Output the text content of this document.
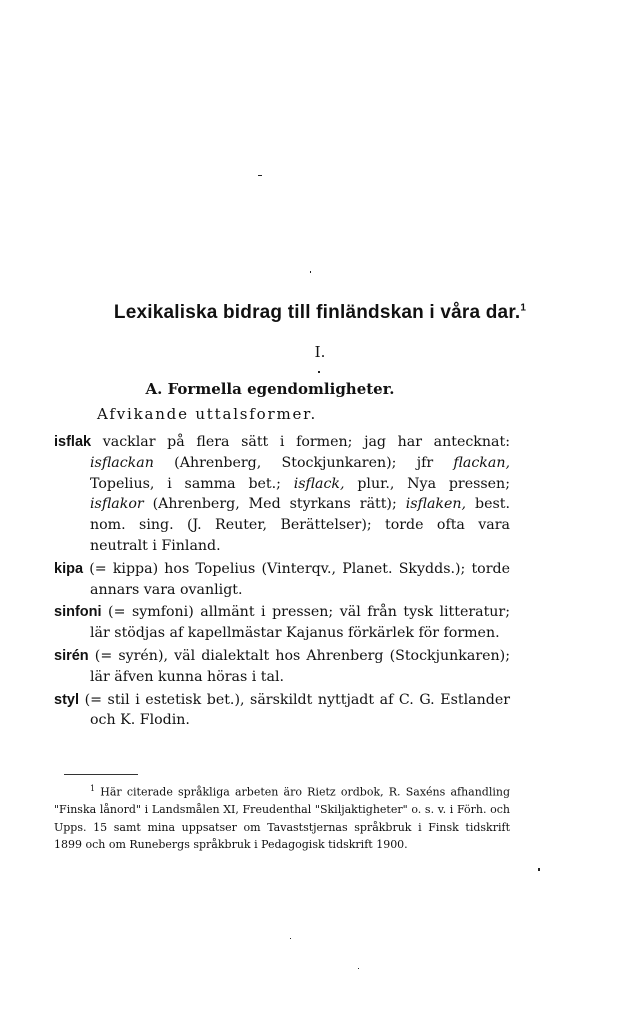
Lexikaliska bidrag till finländskan i våra dar.$^1$
I.
A. Formella egendomligheter.
Afvikande uttalsformer.
isflak vacklar på flera sätt i formen; jag har antecknat: isflackan (Ahrenberg, Stockjunkaren); jfr flackan, Topelius, i samma bet.; isflack, plur., Nya pressen; isflakor (Ahrenberg, Med styrkans rätt); isflaken, best. nom. sing. (J. Reuter, Berättelser); torde ofta vara neutralt i Finland.
kipa (= kippa) hos Topelius (Vinterqv., Planet. Skydds.); torde annars vara ovanligt.
sinfoni (= symfoni) allmänt i pressen; väl från tysk litteratur; lär stödjas af kapellmästar Kajanus förkärlek för formen.
sirén (= syrén), väl dialektalt hos Ahrenberg (Stockjunkaren); lär äfven kunna höras i tal.
styl (= stil i estetisk bet.), särskildt nyttjadt af C. G. Estlander och K. Flodin.
$^1$ Här citerade språkliga arbeten äro Rietz ordbok, R. Saxéns afhandling "Finska lånord" i Landsmålen XI, Freudenthal "Skiljaktigheter" o. s. v. i Förh. och Upps. 15 samt mina uppsatser om Tavaststjernas språkbruk i Finsk tidskrift 1899 och om Runebergs språkbruk i Pedagogisk tidskrift 1900.
